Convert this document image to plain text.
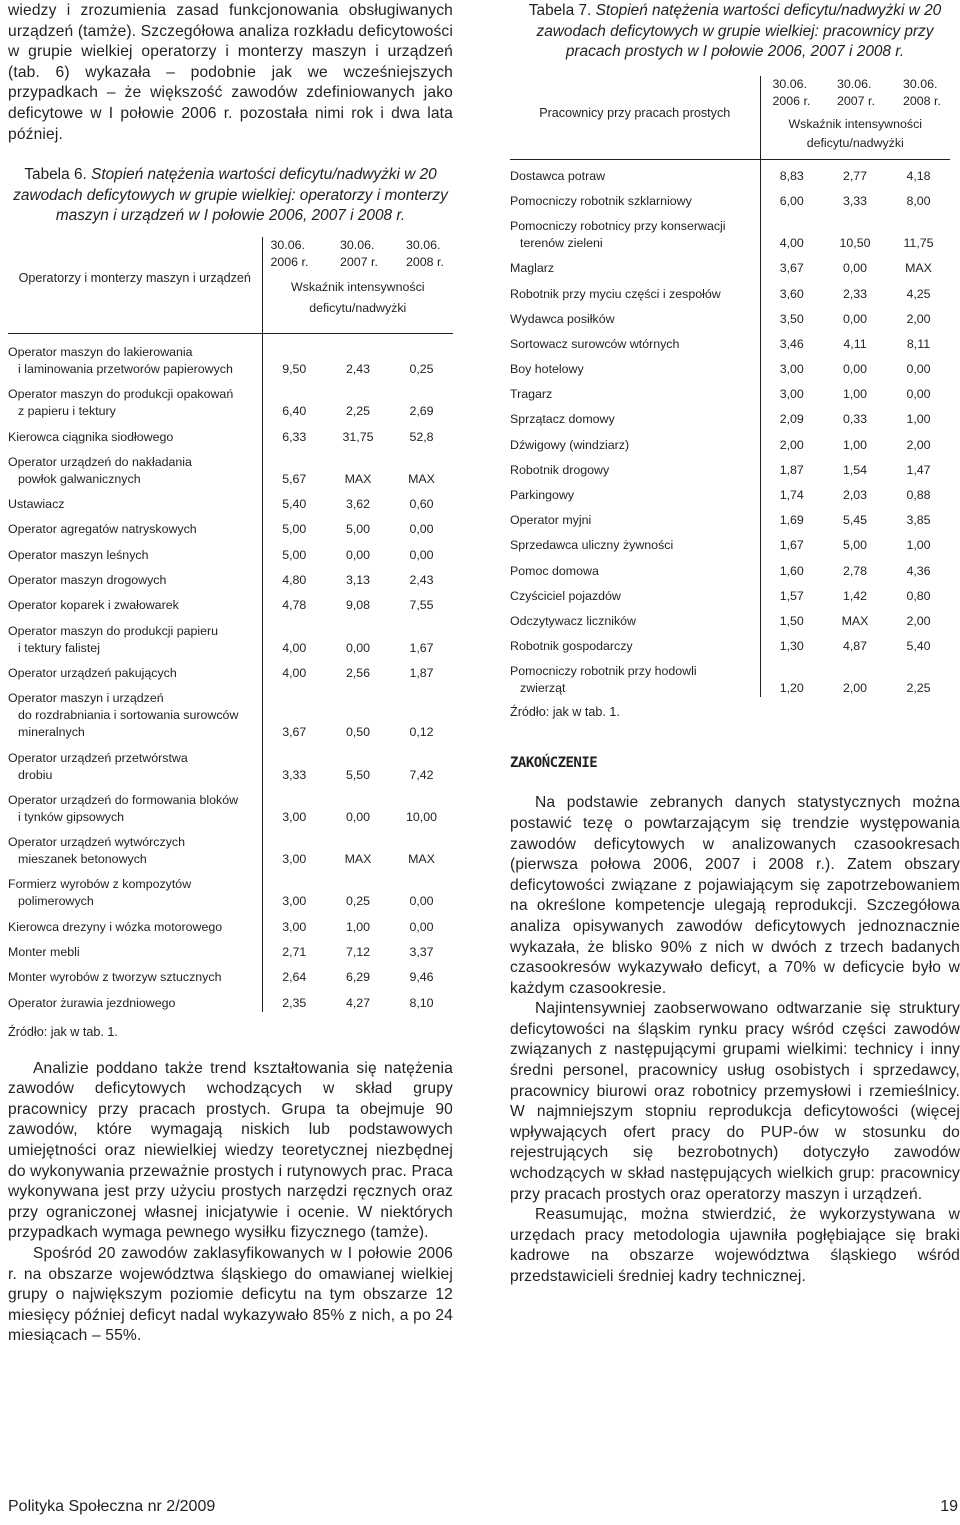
wiedzy i zrozumienia zasad funkcjonowania obsługiwanych urządzeń (tamże). Szczegółowa analiza rozkładu deficytowości w grupie wielkiej operatorzy i monterzy maszyn i urządzeń (tab. 6) wykazała – podobnie jak we wcześniejszych przypadkach – że większość zawodów zdefiniowanych jako deficytowe w I połowie 2006 r. pozostała nimi rok i dwa lata później.

Tabela 6. Stopień natężenia wartości deficytu/nadwyżki w 20 zawodach deficytowych w grupie wielkiej: operatorzy i monterzy maszyn i urządzeń w I połowie 2006, 2007 i 2008 r.

Operatorzy i monterzy maszyn i urządzeń	30.06. 2006 r.	30.06. 2007 r.	30.06. 2008 r.
	Wskaźnik intensywności deficytu/nadwyżki		

Operator maszyn do lakierowania
i laminowania przetworów papierowych	9,50	2,43	0,25

Operator maszyn do produkcji opakowań
z papieru i tektury	6,40	2,25	2,69

Kierowca ciągnika siodłowego	6,33	31,75	52,8

Operator urządzeń do nakładania
powłok galwanicznych	5,67	MAX	MAX

Ustawiacz	5,40	3,62	0,60

Operator agregatów natryskowych	5,00	5,00	0,00

Operator maszyn leśnych	5,00	0,00	0,00

Operator maszyn drogowych	4,80	3,13	2,43

Operator koparek i zwałowarek	4,78	9,08	7,55

Operator maszyn do produkcji papieru
i tektury falistej	4,00	0,00	1,67

Operator urządzeń pakujących	4,00	2,56	1,87

Operator maszyn i urządzeń
do rozdrabniania i sortowania surowców
mineralnych	3,67	0,50	0,12

Operator urządzeń przetwórstwa
drobiu	3,33	5,50	7,42

Operator urządzeń do formowania bloków
i tynków gipsowych	3,00	0,00	10,00

Operator urządzeń wytwórczych
mieszanek betonowych	3,00	MAX	MAX

Formierz wyrobów z kompozytów
polimerowych	3,00	0,25	0,00

Kierowca drezyny i wózka motorowego	3,00	1,00	0,00

Monter mebli	2,71	7,12	3,37

Monter wyrobów z tworzyw sztucznych	2,64	6,29	9,46

Operator żurawia jezdniowego	2,35	4,27	8,10

Źródło: jak w tab. 1.

Analizie poddano także trend kształtowania się natężenia zawodów deficytowych wchodzących w skład grupy pracownicy przy pracach prostych. Grupa ta obejmuje 90 zawodów, które wymagają niskich lub podstawowych umiejętności oraz niewielkiej wiedzy teoretycznej niezbędnej do wykonywania przeważnie prostych i rutynowych prac. Praca wykonywana jest przy użyciu prostych narzędzi ręcznych oraz przy ograniczonej własnej inicjatywie i ocenie. W niektórych przypadkach wymaga pewnego wysiłku fizycznego (tamże).

Spośród 20 zawodów zaklasyfikowanych w I połowie 2006 r. na obszarze województwa śląskiego do omawianej wielkiej grupy o największym poziomie deficytu na tym obszarze 12 miesięcy później deficyt nadal wykazywało 85% z nich, a po 24 miesiącach – 55%.

Tabela 7. Stopień natężenia wartości deficytu/nadwyżki w 20 zawodach deficytowych w grupie wielkiej: pracownicy przy pracach prostych w I połowie 2006, 2007 i 2008 r.

Pracownicy przy pracach prostych	30.06. 2006 r.	30.06. 2007 r.	30.06. 2008 r.
	Wskaźnik intensywności deficytu/nadwyżki		

Dostawca potraw	8,83	2,77	4,18

Pomocniczy robotnik szklarniowy	6,00	3,33	8,00

Pomocniczy robotnicy przy konserwacji
terenów zieleni	4,00	10,50	11,75

Maglarz	3,67	0,00	MAX

Robotnik przy myciu części i zespołów	3,60	2,33	4,25

Wydawca posiłków	3,50	0,00	2,00

Sortowacz surowców wtórnych	3,46	4,11	8,11

Boy hotelowy	3,00	0,00	0,00

Tragarz	3,00	1,00	0,00

Sprzątacz domowy	2,09	0,33	1,00

Dźwigowy (windziarz)	2,00	1,00	2,00

Robotnik drogowy	1,87	1,54	1,47

Parkingowy	1,74	2,03	0,88

Operator myjni	1,69	5,45	3,85

Sprzedawca uliczny żywności	1,67	5,00	1,00

Pomoc domowa	1,60	2,78	4,36

Czyściciel pojazdów	1,57	1,42	0,80

Odczytywacz liczników	1,50	MAX	2,00

Robotnik gospodarczy	1,30	4,87	5,40

Pomocniczy robotnik przy hodowli
zwierząt	1,20	2,00	2,25

Źródło: jak w tab. 1.

ZAKOŃCZENIE

Na podstawie zebranych danych statystycznych można postawić tezę o powtarzającym się trendzie występowania zawodów deficytowych w analizowanych czasookresach (pierwsza połowa 2006, 2007 i 2008 r.). Zatem obszary deficytowości związane z pojawiającym się zapotrzebowaniem na określone kompetencje ulegają reprodukcji. Szczegółowa analiza opisywanych zawodów deficytowych jednoznacznie wykazała, że blisko 90% z nich w dwóch z trzech badanych czasookresów wykazywało deficyt, a 70% w deficycie było w każdym czasookresie.

Najintensywniej zaobserwowano odtwarzanie się struktury deficytowości na śląskim rynku pracy wśród części zawodów związanych z następującymi grupami wielkimi: technicy i inny średni personel, pracownicy usług osobistych i sprzedawcy, pracownicy biurowi oraz robotnicy przemysłowi i rzemieślnicy. W najmniejszym stopniu reprodukcja deficytowości (więcej wpływających ofert pracy do PUP-ów w stosunku do rejestrujących się bezrobotnych) dotyczyło zawodów wchodzących w skład następujących wielkich grup: pracownicy przy pracach prostych oraz operatorzy maszyn i urządzeń.

Reasumując, można stwierdzić, że wykorzystywana w urzędach pracy metodologia ujawniła pogłębiające się braki kadrowe na obszarze województwa śląskiego wśród przedstawicieli średniej kadry technicznej.

Polityka Społeczna nr 2/2009	19
